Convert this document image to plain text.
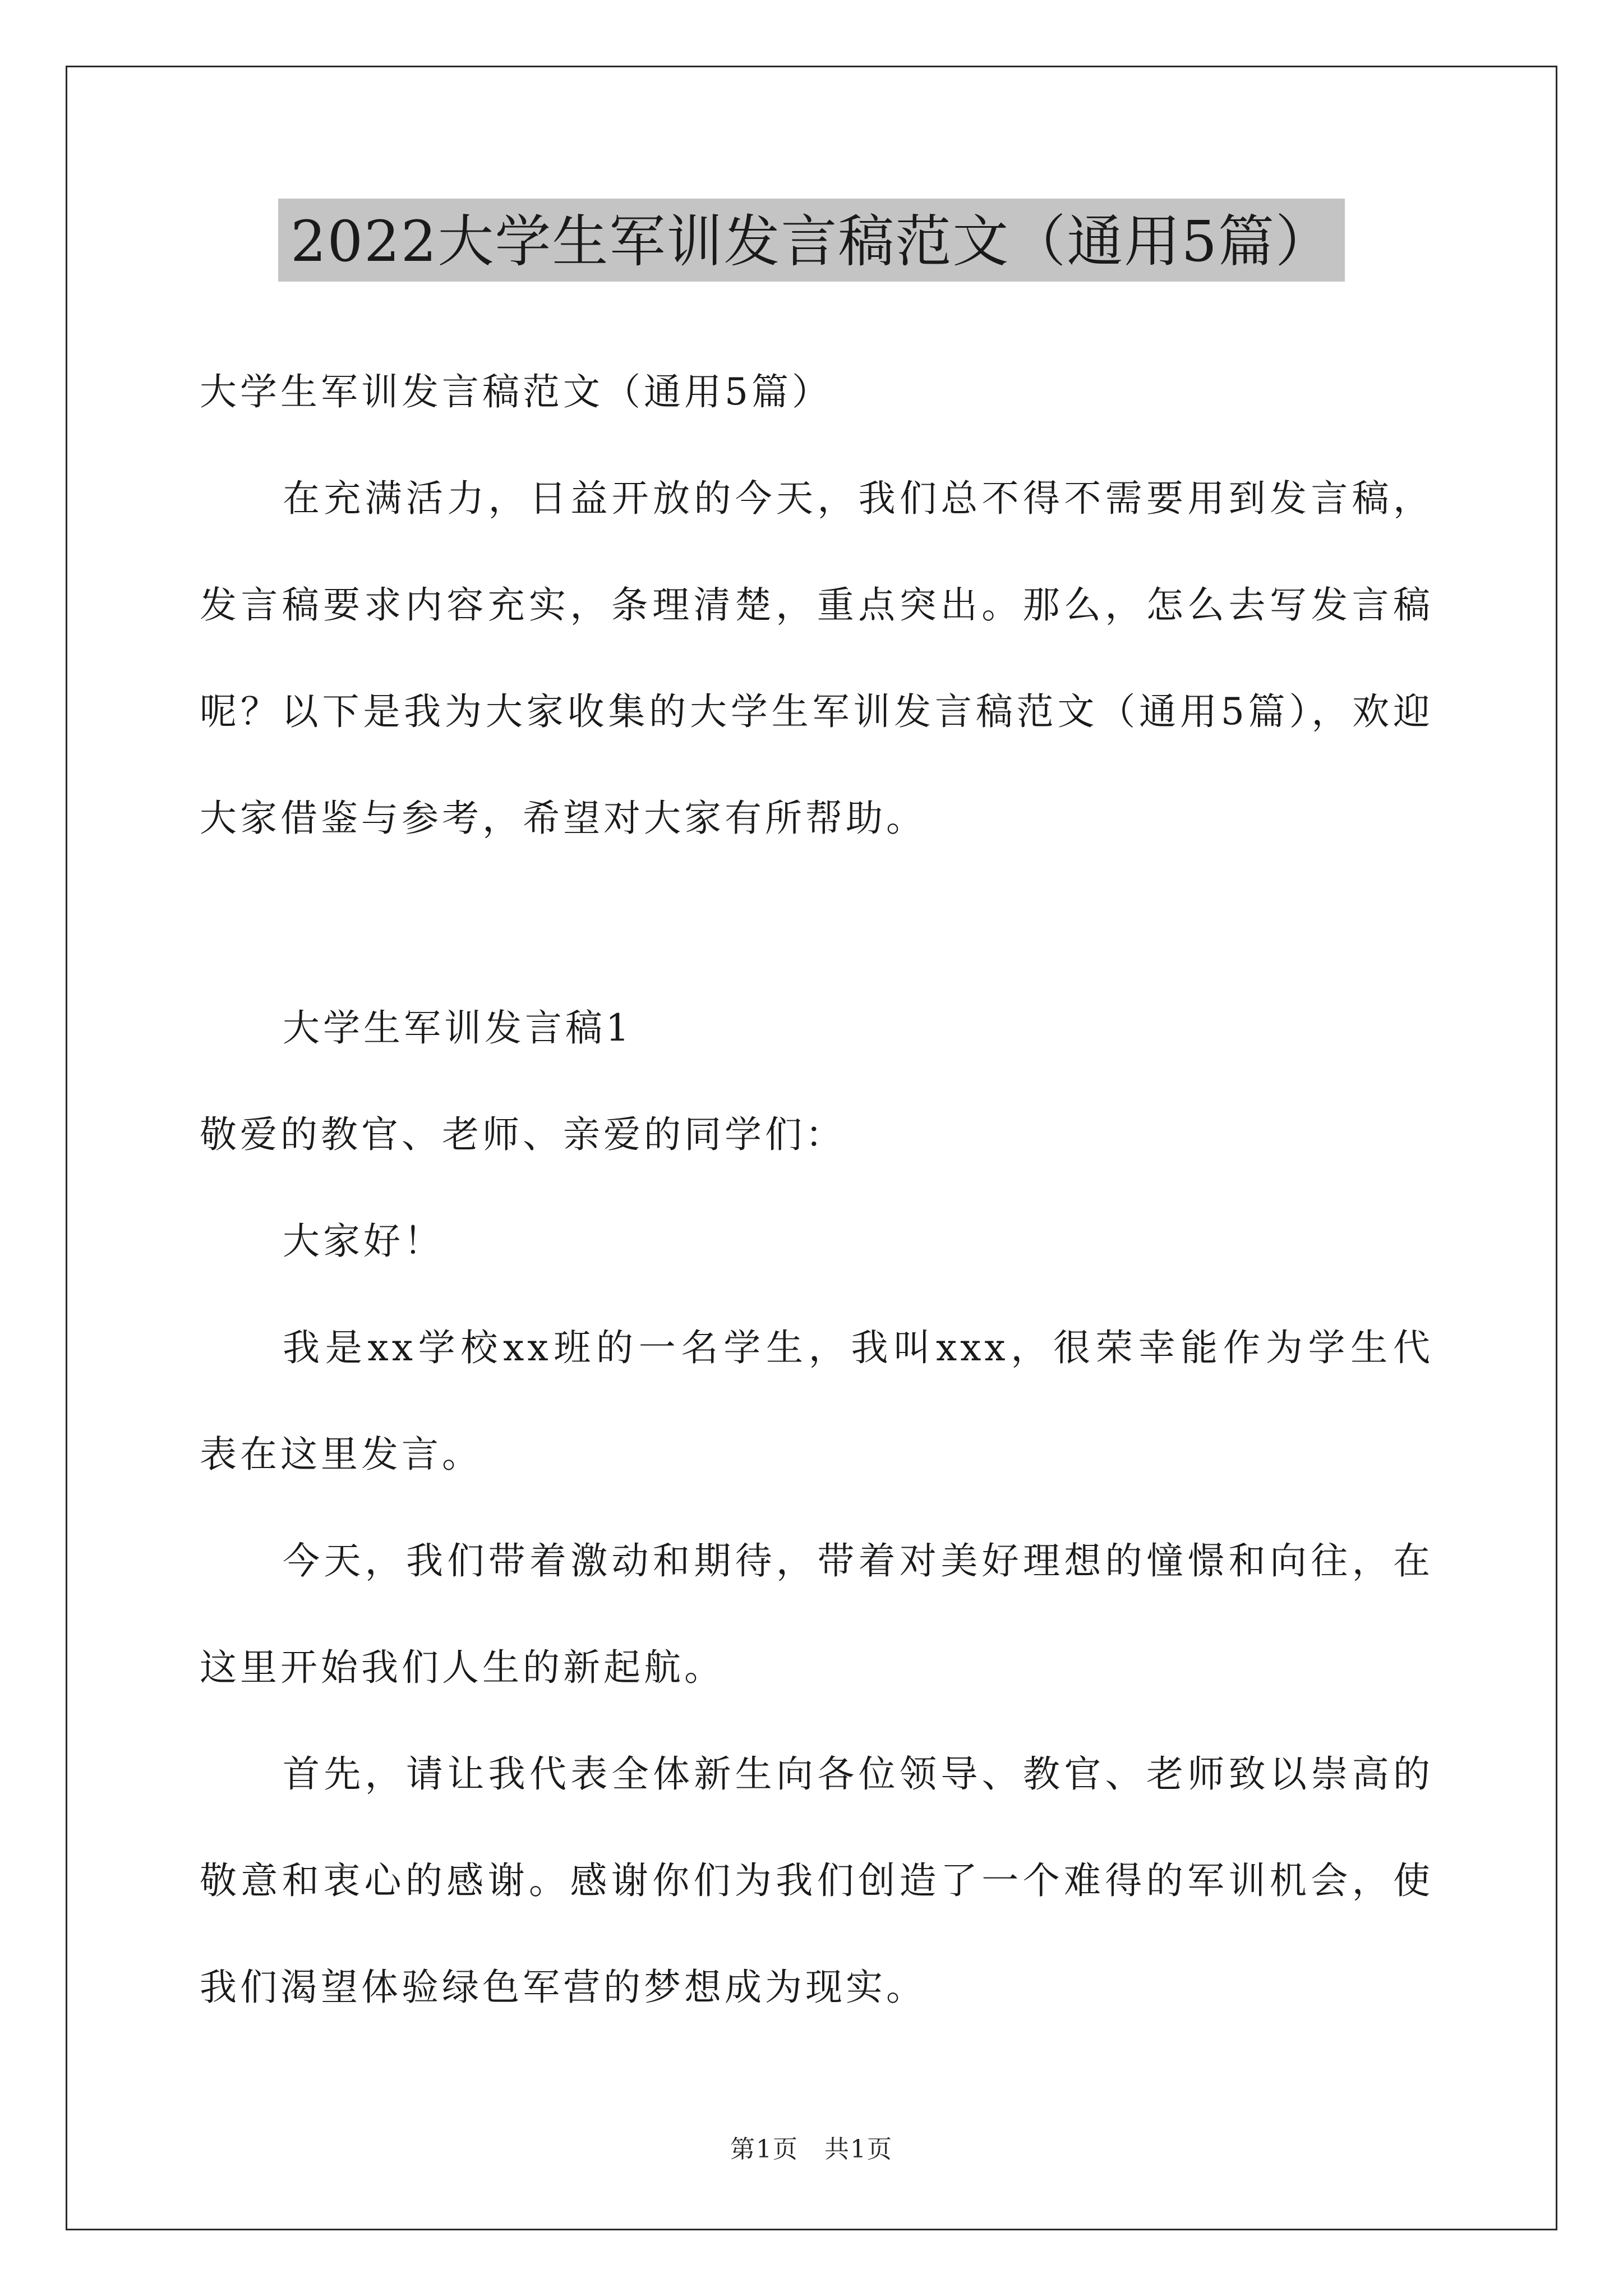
2022大学生军训发言稿范文（通用5篇）
大学生军训发言稿范文（通用5篇）
在充满活力，日益开放的今天，我们总不得不需要用到发言稿，
发言稿要求内容充实，条理清楚，重点突出。那么，怎么去写发言稿
呢？以下是我为大家收集的大学生军训发言稿范文（通用5篇），欢迎
大家借鉴与参考，希望对大家有所帮助。
大学生军训发言稿1
敬爱的教官、老师、亲爱的同学们：
大家好！
我是xx学校xx班的一名学生，我叫xxx，很荣幸能作为学生代
表在这里发言。
今天，我们带着激动和期待，带着对美好理想的憧憬和向往，在
这里开始我们人生的新起航。
首先，请让我代表全体新生向各位领导、教官、老师致以崇高的
敬意和衷心的感谢。感谢你们为我们创造了一个难得的军训机会，使
我们渴望体验绿色军营的梦想成为现实。
第1页　共1页
